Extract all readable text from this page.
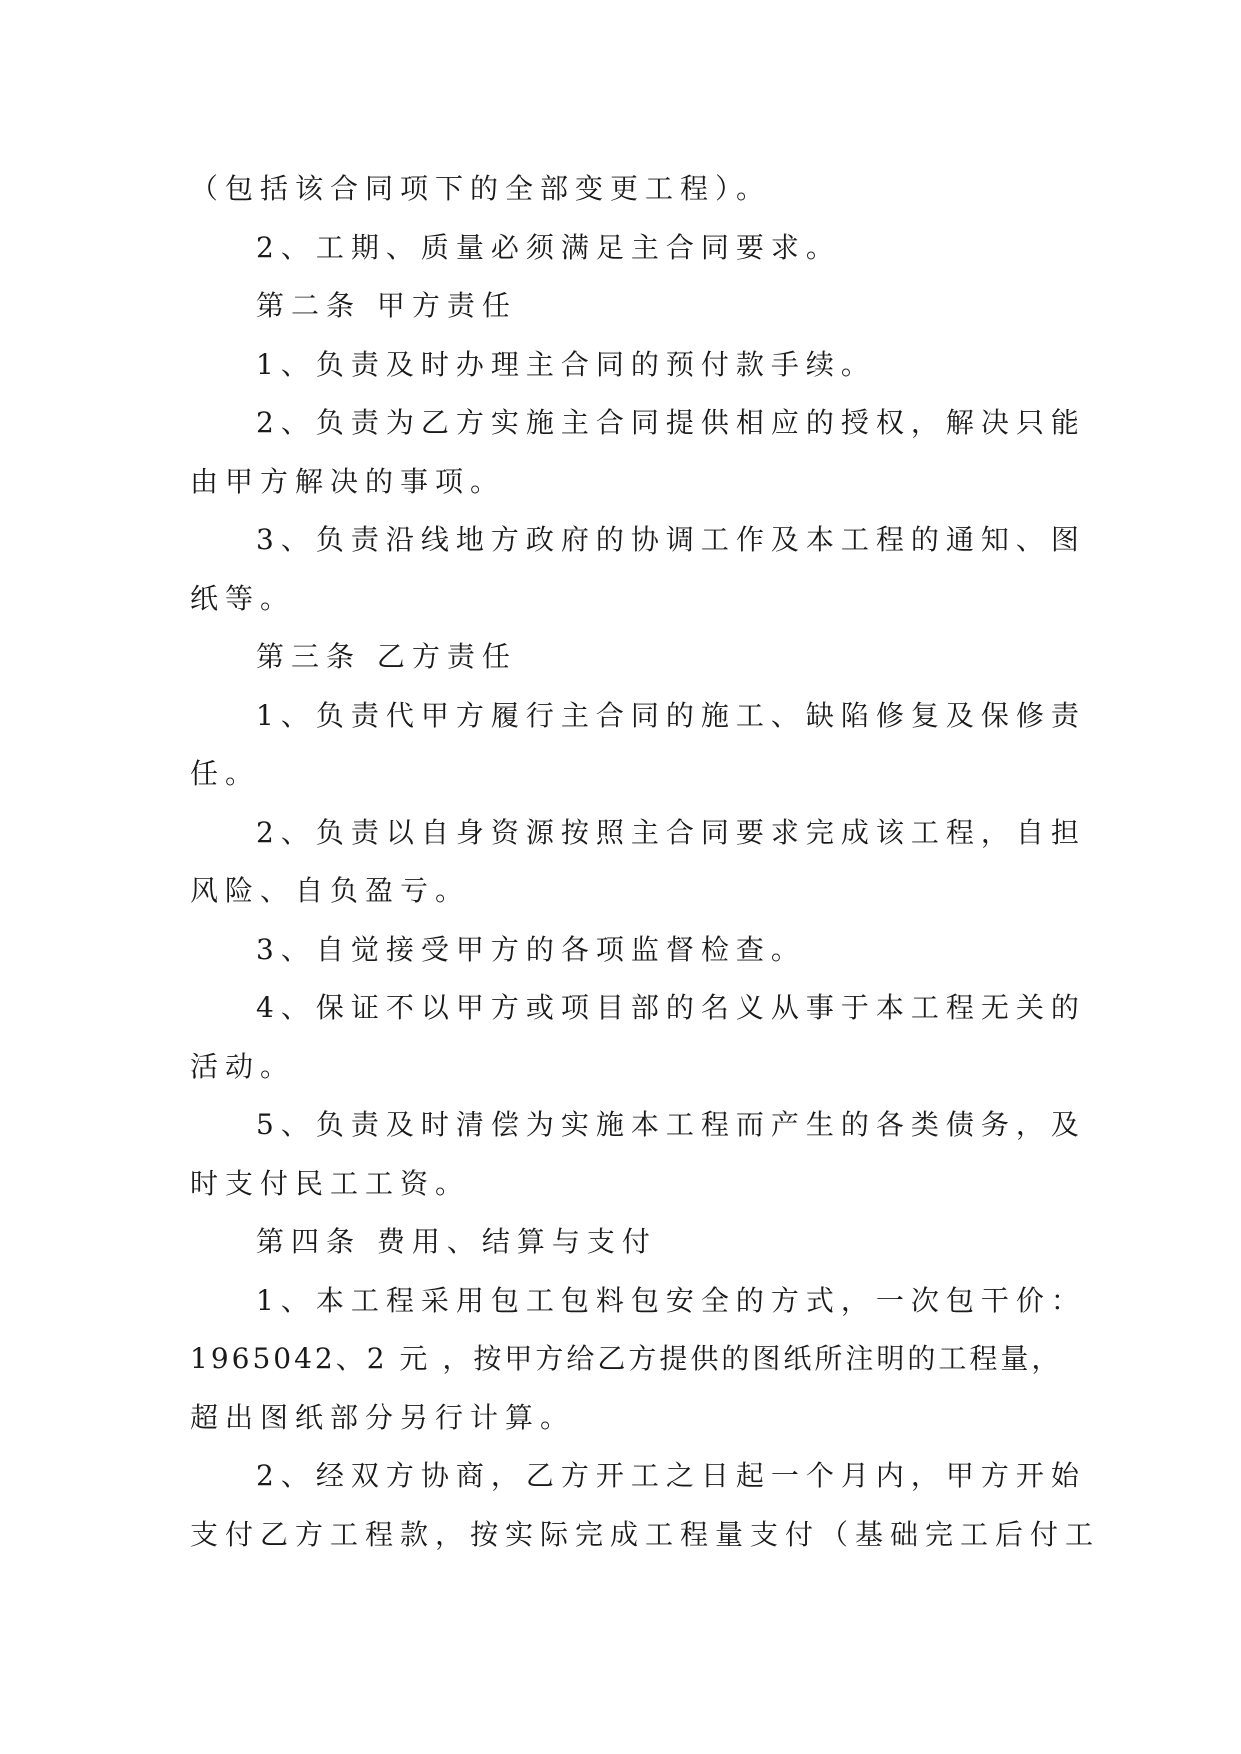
（包括该合同项下的全部变更工程）。
2、工期、质量必须满足主合同要求。
第二条 甲方责任
1、负责及时办理主合同的预付款手续。
2、负责为乙方实施主合同提供相应的授权，解决只能
由甲方解决的事项。
3、负责沿线地方政府的协调工作及本工程的通知、图
纸等。
第三条 乙方责任
1、负责代甲方履行主合同的施工、缺陷修复及保修责
任。
2、负责以自身资源按照主合同要求完成该工程，自担
风险、自负盈亏。
3、自觉接受甲方的各项监督检查。
4、保证不以甲方或项目部的名义从事于本工程无关的
活动。
5、负责及时清偿为实施本工程而产生的各类债务，及
时支付民工工资。
第四条 费用、结算与支付
1、本工程采用包工包料包安全的方式，一次包干价：
1965042、2 元 ，按甲方给乙方提供的图纸所注明的工程量，
超出图纸部分另行计算。
2、经双方协商，乙方开工之日起一个月内，甲方开始
支付乙方工程款，按实际完成工程量支付（基础完工后付工
